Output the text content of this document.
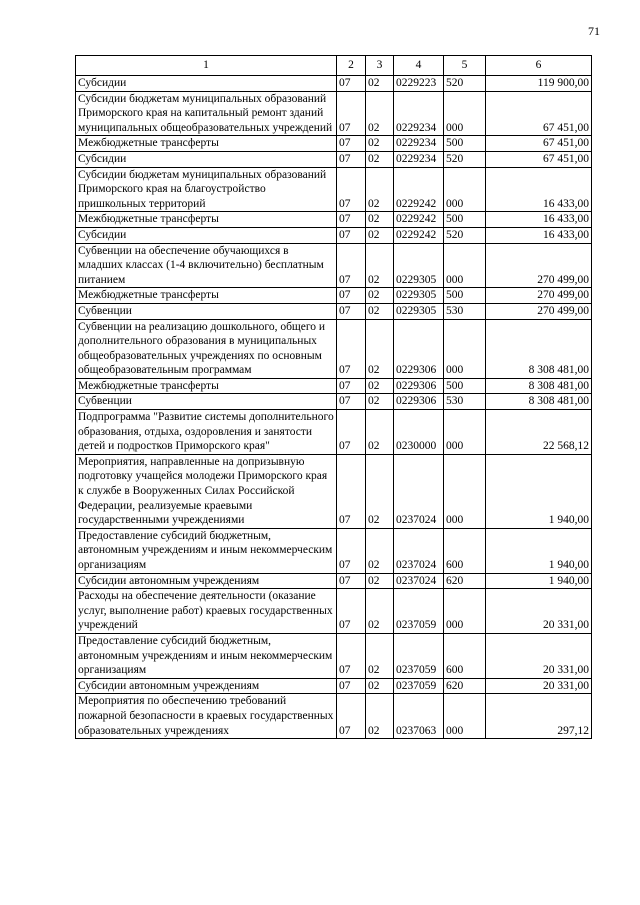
71
1	2	3	4	5	6
Субсидии	07	02	0229223	520	119 900,00
Субсидии бюджетам муниципальных образований Приморского края на капитальный ремонт зданий муниципальных общеобразовательных учреждений	07	02	0229234	000	67 451,00
Межбюджетные трансферты	07	02	0229234	500	67 451,00
Субсидии	07	02	0229234	520	67 451,00
Субсидии бюджетам муниципальных образований Приморского края на благоустройство пришкольных территорий	07	02	0229242	000	16 433,00
Межбюджетные трансферты	07	02	0229242	500	16 433,00
Субсидии	07	02	0229242	520	16 433,00
Субвенции на обеспечение обучающихся в младших классах (1-4 включительно) бесплатным питанием	07	02	0229305	000	270 499,00
Межбюджетные трансферты	07	02	0229305	500	270 499,00
Субвенции	07	02	0229305	530	270 499,00
Субвенции на реализацию дошкольного, общего и дополнительного образования в муниципальных общеобразовательных учреждениях по основным общеобразовательным программам	07	02	0229306	000	8 308 481,00
Межбюджетные трансферты	07	02	0229306	500	8 308 481,00
Субвенции	07	02	0229306	530	8 308 481,00
Подпрограмма "Развитие системы дополнительного образования, отдыха, оздоровления и занятости детей и подростков Приморского края"	07	02	0230000	000	22 568,12
Мероприятия, направленные на допризывную подготовку учащейся молодежи Приморского края к службе в Вооруженных Силах Российской Федерации, реализуемые краевыми государственными учреждениями	07	02	0237024	000	1 940,00
Предоставление субсидий бюджетным, автономным учреждениям и иным некоммерческим организациям	07	02	0237024	600	1 940,00
Субсидии автономным учреждениям	07	02	0237024	620	1 940,00
Расходы на обеспечение деятельности (оказание услуг, выполнение работ) краевых государственных учреждений	07	02	0237059	000	20 331,00
Предоставление субсидий бюджетным, автономным учреждениям и иным некоммерческим организациям	07	02	0237059	600	20 331,00
Субсидии автономным учреждениям	07	02	0237059	620	20 331,00
Мероприятия по обеспечению требований пожарной безопасности в краевых государственных образовательных учреждениях	07	02	0237063	000	297,12
